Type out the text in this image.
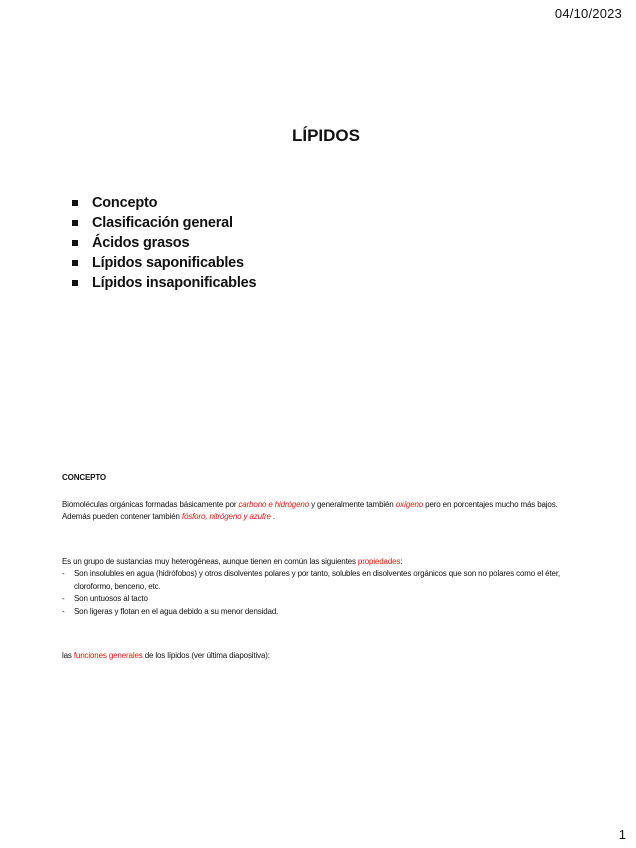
04/10/2023
LÍPIDOS
Concepto
Clasificación general
Ácidos grasos
Lípidos saponificables
Lípidos insaponificables

CONCEPTO

Biomoléculas orgánicas formadas básicamente por carbono e hidrógeno y generalmente también oxígeno pero en porcentajes mucho más bajos. Además pueden contener también fósforo, nitrógeno y azufre .

Es un grupo de sustancias muy heterogéneas, aunque tienen en común las siguientes propiedades:

- Son insolubles en agua (hidrófobos) y otros disolventes polares y por tanto, solubles en disolventes orgánicos que son no polares como el éter, cloroformo, benceno, etc.
- Son untuosos al tacto
- Son ligeras y flotan en el agua debido a su menor densidad.

las funciones generales de los lípidos (ver última diapositiva):

1
